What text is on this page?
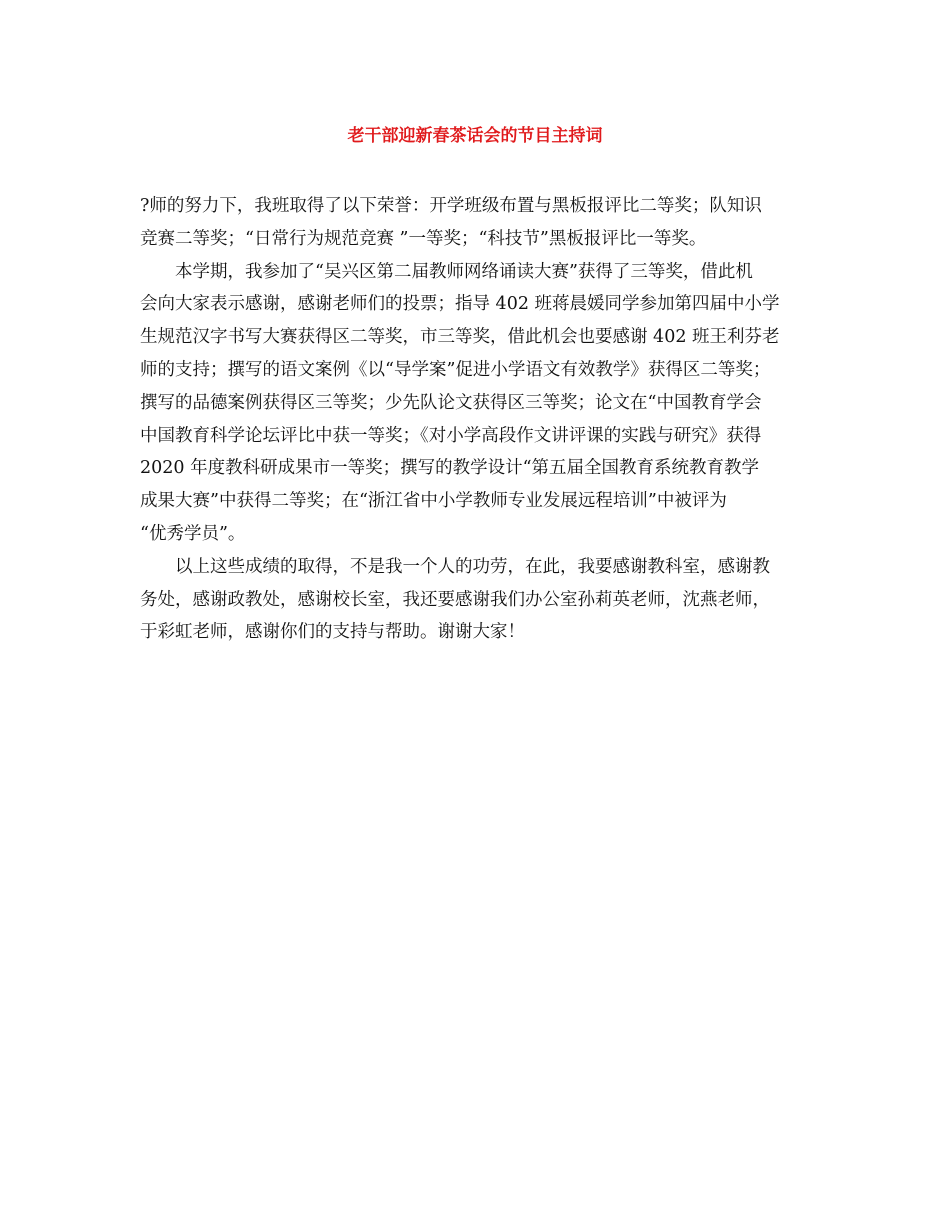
老干部迎新春茶话会的节目主持词
?师的努力下，我班取得了以下荣誉：开学班级布置与黑板报评比二等奖；队知识
竞赛二等奖；“日常行为规范竞赛 ”一等奖；“科技节”黑板报评比一等奖。
　　本学期，我参加了“吴兴区第二届教师网络诵读大赛”获得了三等奖，借此机
会向大家表示感谢，感谢老师们的投票；指导 402 班蒋晨媛同学参加第四届中小学
生规范汉字书写大赛获得区二等奖，市三等奖，借此机会也要感谢 402 班王利芬老
师的支持；撰写的语文案例《以“导学案”促进小学语文有效教学》获得区二等奖；
撰写的品德案例获得区三等奖；少先队论文获得区三等奖；论文在“中国教育学会
中国教育科学论坛评比中获一等奖；《对小学高段作文讲评课的实践与研究》获得
2020 年度教科研成果市一等奖；撰写的教学设计“第五届全国教育系统教育教学
成果大赛”中获得二等奖；在“浙江省中小学教师专业发展远程培训”中被评为
“优秀学员”。
　　以上这些成绩的取得，不是我一个人的功劳，在此，我要感谢教科室，感谢教
务处，感谢政教处，感谢校长室，我还要感谢我们办公室孙莉英老师，沈燕老师，
于彩虹老师，感谢你们的支持与帮助。谢谢大家！
